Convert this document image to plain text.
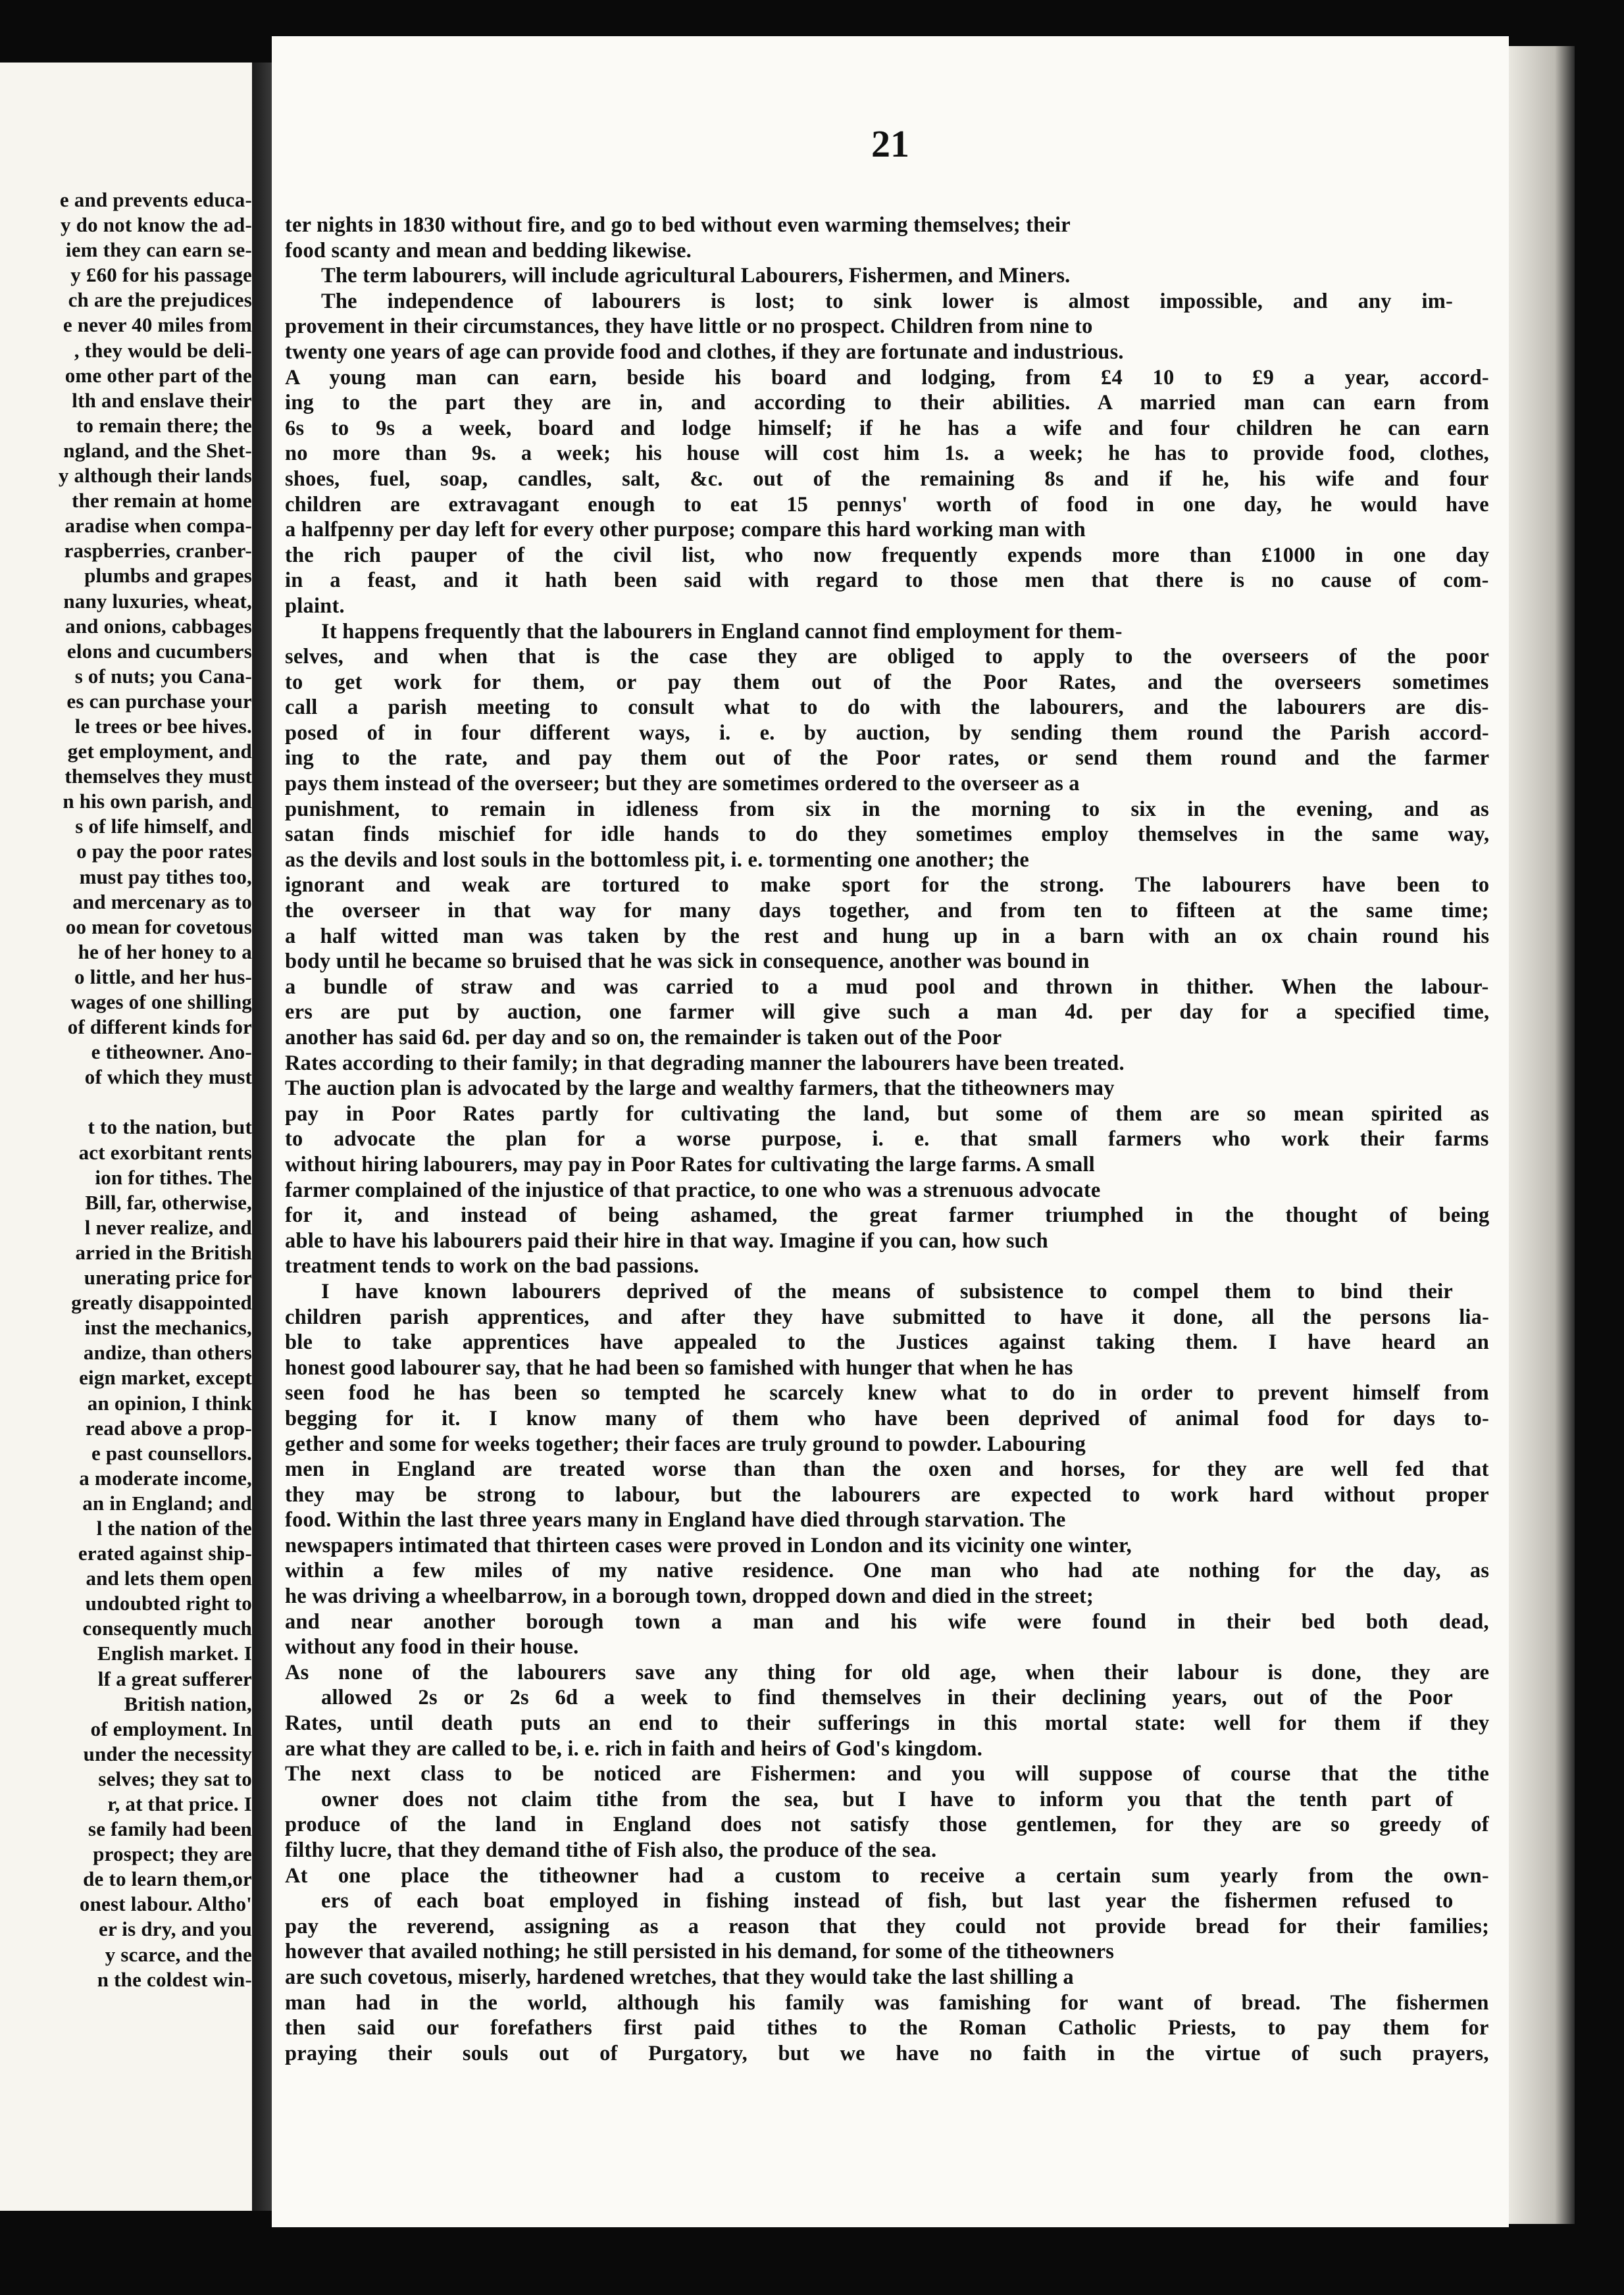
e and prevents educa-
y do not know the ad-
iem they can earn se-
y £60 for his passage
ch are the prejudices
e never 40 miles from
, they would be deli-
ome other part of the
lth and enslave their
to remain there; the
ngland, and the Shet-
y although their lands
ther remain at home
aradise when compa-
raspberries, cranber-
plumbs and grapes
nany luxuries, wheat,
and onions, cabbages
elons and cucumbers
s of nuts; you Cana-
es can purchase your
le trees or bee hives.
get employment, and
themselves they must
n his own parish, and
s of life himself, and
o pay the poor rates
must pay tithes too,
and mercenary as to
oo mean for covetous
he of her honey to a
o little, and her hus-
wages of one shilling
of different kinds for
e titheowner. Ano-
of which they must

t to the nation, but
act exorbitant rents
ion for tithes. The
Bill, far, otherwise,
l never realize, and
arried in the British
unerating price for
greatly disappointed
inst the mechanics,
andize, than others
eign market, except
an opinion, I think
read above a prop-
e past counsellors.
a moderate income,
an in England; and
l the nation of the
erated against ship-
and lets them open
undoubted right to
consequently much
English market. I
lf a great sufferer
British nation,
of employment. In
under the necessity
selves; they sat to
r, at that price. I
se family had been
prospect; they are
de to learn them,or
onest labour. Altho'
er is dry, and you
y scarce, and the
n the coldest win-
21
ter nights in 1830 without fire, and go to bed without even warming themselves; their
food scanty and mean and bedding likewise.
The term labourers, will include agricultural Labourers, Fishermen, and Miners.
The independence of labourers is lost; to sink lower is almost impossible, and any im-
provement in their circumstances, they have little or no prospect. Children from nine to
twenty one years of age can provide food and clothes, if they are fortunate and industrious.
A young man can earn, beside his board and lodging, from £4 10 to £9 a year, accord-
ing to the part they are in, and according to their abilities. A married man can earn from
6s to 9s a week, board and lodge himself; if he has a wife and four children he can earn
no more than 9s. a week; his house will cost him 1s. a week; he has to provide food, clothes,
shoes, fuel, soap, candles, salt, &c. out of the remaining 8s and if he, his wife and four
children are extravagant enough to eat 15 pennys' worth of food in one day, he would have
a halfpenny per day left for every other purpose; compare this hard working man with
the rich pauper of the civil list, who now frequently expends more than £1000 in one day
in a feast, and it hath been said with regard to those men that there is no cause of com-
plaint.
It happens frequently that the labourers in England cannot find employment for them-
selves, and when that is the case they are obliged to apply to the overseers of the poor
to get work for them, or pay them out of the Poor Rates, and the overseers sometimes
call a parish meeting to consult what to do with the labourers, and the labourers are dis-
posed of in four different ways, i. e. by auction, by sending them round the Parish accord-
ing to the rate, and pay them out of the Poor rates, or send them round and the farmer
pays them instead of the overseer; but they are sometimes ordered to the overseer as a
punishment, to remain in idleness from six in the morning to six in the evening, and as
satan finds mischief for idle hands to do they sometimes employ themselves in the same way,
as the devils and lost souls in the bottomless pit, i. e. tormenting one another; the
ignorant and weak are tortured to make sport for the strong. The labourers have been to
the overseer in that way for many days together, and from ten to fifteen at the same time;
a half witted man was taken by the rest and hung up in a barn with an ox chain round his
body until he became so bruised that he was sick in consequence, another was bound in
a bundle of straw and was carried to a mud pool and thrown in thither. When the labour-
ers are put by auction, one farmer will give such a man 4d. per day for a specified time,
another has said 6d. per day and so on, the remainder is taken out of the Poor
Rates according to their family; in that degrading manner the labourers have been treated.
The auction plan is advocated by the large and wealthy farmers, that the titheowners may
pay in Poor Rates partly for cultivating the land, but some of them are so mean spirited as
to advocate the plan for a worse purpose, i. e. that small farmers who work their farms
without hiring labourers, may pay in Poor Rates for cultivating the large farms. A small
farmer complained of the injustice of that practice, to one who was a strenuous advocate
for it, and instead of being ashamed, the great farmer triumphed in the thought of being
able to have his labourers paid their hire in that way. Imagine if you can, how such
treatment tends to work on the bad passions.
I have known labourers deprived of the means of subsistence to compel them to bind their
children parish apprentices, and after they have submitted to have it done, all the persons lia-
ble to take apprentices have appealed to the Justices against taking them. I have heard an
honest good labourer say, that he had been so famished with hunger that when he has
seen food he has been so tempted he scarcely knew what to do in order to prevent himself from
begging for it. I know many of them who have been deprived of animal food for days to-
gether and some for weeks together; their faces are truly ground to powder. Labouring
men in England are treated worse than than the oxen and horses, for they are well fed that
they may be strong to labour, but the labourers are expected to work hard without proper
food. Within the last three years many in England have died through starvation. The
newspapers intimated that thirteen cases were proved in London and its vicinity one winter,
within a few miles of my native residence. One man who had ate nothing for the day, as
he was driving a wheelbarrow, in a borough town, dropped down and died in the street;
and near another borough town a man and his wife were found in their bed both dead,
without any food in their house.
As none of the labourers save any thing for old age, when their labour is done, they are
allowed 2s or 2s 6d a week to find themselves in their declining years, out of the Poor
Rates, until death puts an end to their sufferings in this mortal state: well for them if they
are what they are called to be, i. e. rich in faith and heirs of God's kingdom.
The next class to be noticed are Fishermen: and you will suppose of course that the tithe
owner does not claim tithe from the sea, but I have to inform you that the tenth part of
produce of the land in England does not satisfy those gentlemen, for they are so greedy of
filthy lucre, that they demand tithe of Fish also, the produce of the sea.
At one place the titheowner had a custom to receive a certain sum yearly from the own-
ers of each boat employed in fishing instead of fish, but last year the fishermen refused to
pay the reverend, assigning as a reason that they could not provide bread for their families;
however that availed nothing; he still persisted in his demand, for some of the titheowners
are such covetous, miserly, hardened wretches, that they would take the last shilling a
man had in the world, although his family was famishing for want of bread. The fishermen
then said our forefathers first paid tithes to the Roman Catholic Priests, to pay them for
praying their souls out of Purgatory, but we have no faith in the virtue of such prayers,
